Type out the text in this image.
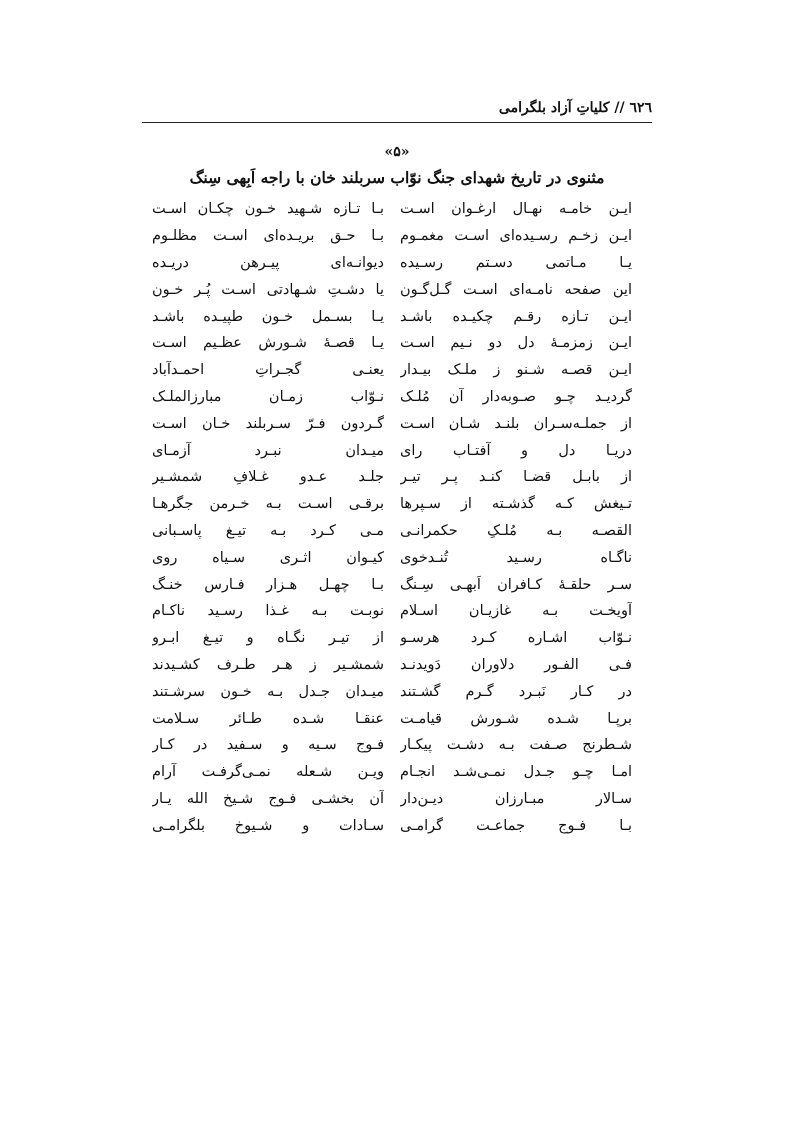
٦٢٦ // کلیاتِ آزاد بلگرامی
«۵»
مثنوی در تاریخ شهدای جنگ نوّاب سربلند خان با راجه اَبِهی سِنگ
ایـن خامـه نهـال ارغـوان اسـت
بـا تـازه شـهید خـون چکـان اسـت
ایـن زخـم رسـیده‌ای اسـت مغمـوم
بـا حـق بریـده‌ای اسـت مظلـوم
یـا مـاتمی دسـتم رسـیده
دیوانـه‌ای پیـرهن دریـده
این صفحه نامـه‌ای اسـت گـل‌گـون
یا دشـتِ شـهادتی اسـت پُـر خـون
ایـن تـازه رقـم چکیـده باشـد
یـا بسـمل خـون طپیـده باشـد
ایـن زمزمـهٔ دل دو نـیم اسـت
یـا قصـهٔ شـورش عظـیم اسـت
ایـن قصـه شـنو ز ملـک بیـدار
یعنـی گجـراتِ احمـدآباد
گردیـد چـو صـوبه‌دار آن مُلـک
نـوّاب زمـان مبارزالملـک
از جملـه‌سـران بلنـد شـان اسـت
گـردون فـرّ سـربلند خـان اسـت
دریـا دل و آفتـاب رای
میـدان نبـرد آزمـای
از بابـل قضـا کنـد پـر تیـر
جلـد عـدو غـلافِ شمشـیر
تـیغش کـه گذشـته از سـپرها
برقـی اسـت بـه خـرمن جگرهـا
القصـه بـه مُلـکِ حکمرانـی
مـی کـرد بـه تیـغ پاسـبانی
ناگـاه رسـید تُنـدخوی
کیـوان اثـری سـیاه روی
سـر حلقـهٔ کـافران اَبهـی سِـنگ
بـا چهـل هـزار فـارس خنـگ
آویخـت بـه غازیـان اسـلام
نوبـت بـه غـذا رسـید ناکـام
نـوّاب اشـاره کـرد هرسـو
از تیـر نگـاه و تیـغ ابـرو
فـی الفـور دلاوران دَویدنـد
شمشـیر ز هـر طـرف کشـیدند
در کـار نَبـرد گـرم گشـتند
میـدان جـدل بـه خـون سرشـتند
برپـا شـده شـورش قیامـت
عنقـا شـده طـائر سـلامت
شـطرنج صـفت بـه دشـت پیکـار
فـوج سـیه و سـفید در کـار
امـا چـو جـدل نمـی‌شـد انجـام
ویـن شـعله نمـی‌گرفـت آرام
سـالار مبـارزان دیـن‌دار
آن بخشـی فـوج شـیخ الله یـار
بـا فـوج جماعـت گرامـی
سـادات و شـیوخ بلگرامـی
